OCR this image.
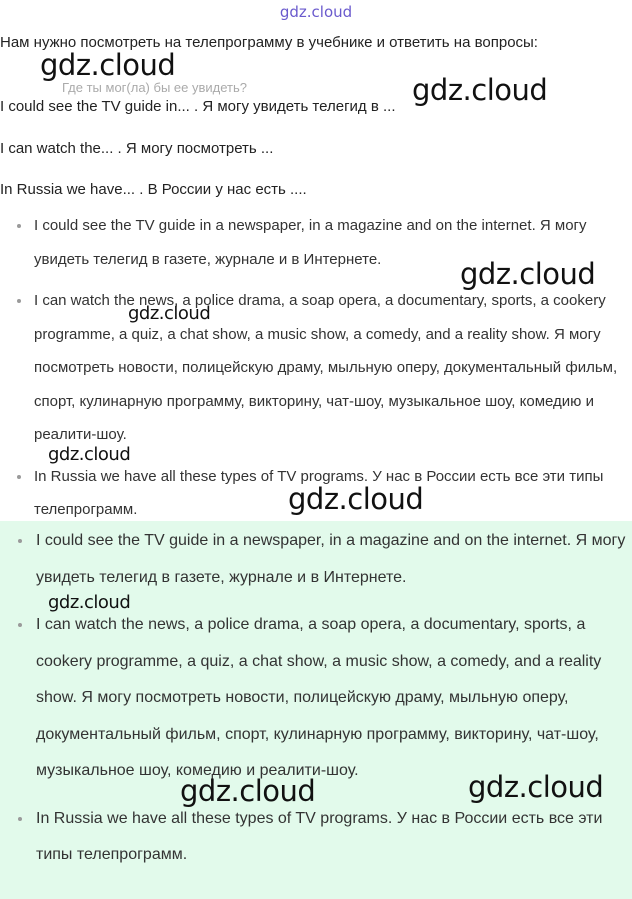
gdz.cloud
Нам нужно посмотреть на телепрограмму в учебнике и ответить на вопросы:
Где ты мог(ла) бы ее увидеть?
I could see the TV guide in... . Я могу увидеть телегид в ...
I can watch the... . Я могу посмотреть ...
In Russia we have... . В России у нас есть ....
I could see the TV guide in a newspaper, in a magazine and on the internet. Я могу увидеть телегид в газете, журнале и в Интернете.
I can watch the news, a police drama, a soap opera, a documentary, sports, a cookery programme, a quiz, a chat show, a music show, a comedy, and a reality show. Я могу посмотреть новости, полицейскую драму, мыльную оперу, документальный фильм, спорт, кулинарную программу, викторину, чат-шоу, музыкальное шоу, комедию и реалити-шоу.
In Russia we have all these types of TV programs. У нас в России есть все эти типы телепрограмм.
I could see the TV guide in a newspaper, in a magazine and on the internet. Я могу увидеть телегид в газете, журнале и в Интернете.
I can watch the news, a police drama, a soap opera, a documentary, sports, a cookery programme, a quiz, a chat show, a music show, a comedy, and a reality show. Я могу посмотреть новости, полицейскую драму, мыльную оперу, документальный фильм, спорт, кулинарную программу, викторину, чат-шоу, музыкальное шоу, комедию и реалити-шоу.
In Russia we have all these types of TV programs. У нас в России есть все эти типы телепрограмм.
gdz.cloud
gdz.cloud
gdz.cloud
gdz.cloud
gdz.cloud
gdz.cloud
gdz.cloud
gdz.cloud	gdz.cloud
